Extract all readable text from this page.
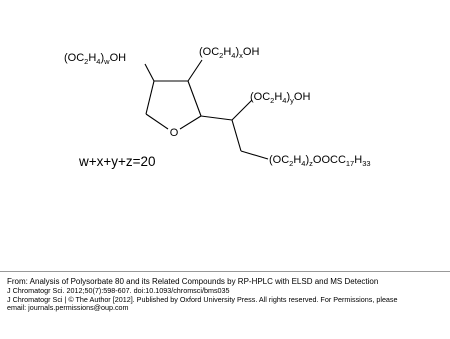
O
$(OC_2H_4)_wOH$	$(OC_2H_4)_xOH$
$(OC_2H_4)_yOH$
$(OC_2H_4)_zOOCC_{17}H_{33}$
w+x+y+z=20
From: Analysis of Polysorbate 80 and its Related Compounds by RP-HPLC with ELSD and MS Detection
J Chromatogr Sci. 2012;50(7):598-607. doi:10.1093/chromsci/bms035
J Chromatogr Sci | © The Author [2012]. Published by Oxford University Press. All rights reserved. For Permissions, please
email: journals.permissions@oup.com
